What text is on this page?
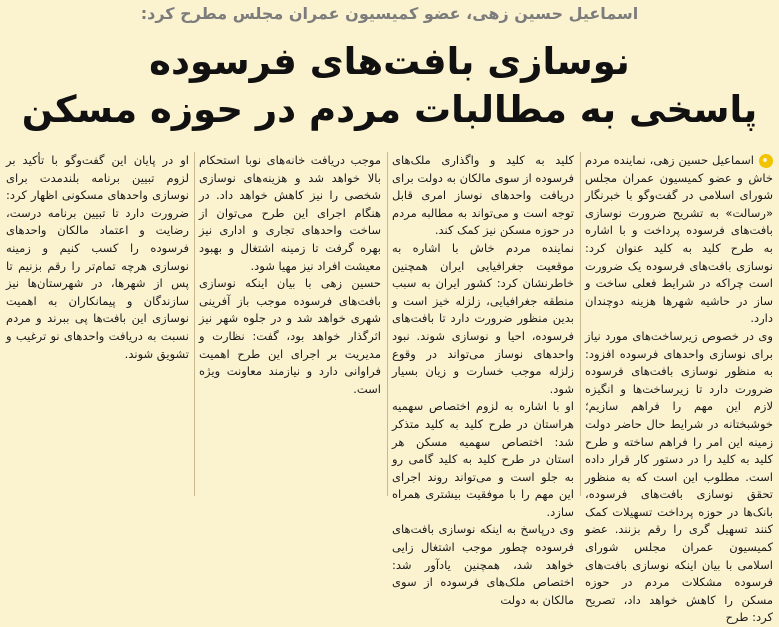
اسماعیل حسین زهی، عضو کمیسیون عمران مجلس مطرح کرد:
نوسازی بافت‌های فرسوده
پاسخی به مطالبات مردم در حوزه مسکن

اسماعیل حسین زهی، نماینده مردم خاش و عضو کمیسیون عمران مجلس شورای اسلامی در گفت‌وگو با خبرنگار «رسالت» به تشریح ضرورت نوسازی بافت‌های فرسوده پرداخت و با اشاره به طرح کلید به کلید عنوان کرد: نوسازی بافت‌های فرسوده یک ضرورت است چراکه در شرایط فعلی ساخت و ساز در حاشیه شهرها هزینه دوچندان دارد.

وی در خصوص زیرساخت‌های مورد نیاز برای نوسازی واحدهای فرسوده افزود: به منظور نوسازی بافت‌های فرسوده ضرورت دارد تا زیرساخت‌ها و انگیزه لازم این مهم را فراهم سازیم؛ خوشبختانه در شرایط حال حاضر دولت زمینه این امر را فراهم ساخته و طرح کلید به کلید را در دستور کار قرار داده است. مطلوب این است که به منظور تحقق نوسازی بافت‌های فرسوده، بانک‌ها در حوزه پرداخت تسهیلات کمک کنند تسهیل گری را رقم بزنند. عضو کمیسیون عمران مجلس شورای اسلامی با بیان اینکه نوسازی بافت‌های فرسوده مشکلات مردم در حوزه مسکن را کاهش خواهد داد، تصریح کرد: طرح

کلید به کلید و واگذاری ملک‌های فرسوده از سوی مالکان به دولت برای دریافت واحدهای نوساز امری قابل توجه است و می‌تواند به مطالبه مردم در حوزه مسکن نیز کمک کند.

نماینده مردم خاش با اشاره به موقعیت جغرافیایی ایران همچنین خاطرنشان کرد: کشور ایران به سبب منطقه جغرافیایی، زلزله خیز است و بدین منظور ضرورت دارد تا بافت‌های فرسوده، احیا و نوسازی شوند. نبود واحدهای نوساز می‌تواند در وقوع زلزله موجب خسارت و زیان بسیار شود.

او با اشاره به لزوم اختصاص سهمیه هراستان در طرح کلید به کلید متذکر شد: اختصاص سهمیه مسکن هر استان در طرح کلید به کلید گامی رو به جلو است و می‌تواند روند اجرای این مهم را با موفقیت بیشتری همراه سازد.

وی درپاسخ به اینکه نوسازی بافت‌های فرسوده چطور موجب اشتغال زایی خواهد شد، همچنین یادآور شد: اختصاص ملک‌های فرسوده از سوی مالکان به دولت

موجب دریافت خانه‌های نوبا استحکام بالا خواهد شد و هزینه‌های نوسازی شخصی را نیز کاهش خواهد داد. در هنگام اجرای این طرح می‌توان از ساخت واحدهای تجاری و اداری نیز بهره گرفت تا زمینه اشتغال و بهبود معیشت افراد نیز مهیا شود.

حسین زهی با بیان اینکه نوسازی بافت‌های فرسوده موجب باز آفرینی شهری خواهد شد و در جلوه شهر نیز اثرگذار خواهد بود، گفت: نظارت و مدیریت بر اجرای این طرح اهمیت فراوانی دارد و نیازمند معاونت ویژه است.

او در پایان این گفت‌وگو با تأکید بر لزوم تبیین برنامه بلندمدت برای نوسازی واحدهای مسکونی اظهار کرد: ضرورت دارد تا تبیین برنامه درست، رضایت و اعتماد مالکان واحدهای فرسوده را کسب کنیم و زمینه نوسازی هرچه تمام‌تر را رقم بزنیم تا پس از شهرها، در شهرستان‌ها نیز سازندگان و پیمانکاران به اهمیت نوسازی این بافت‌ها پی ببرند و مردم نسبت به دریافت واحدهای نو ترغیب و تشویق شوند.
